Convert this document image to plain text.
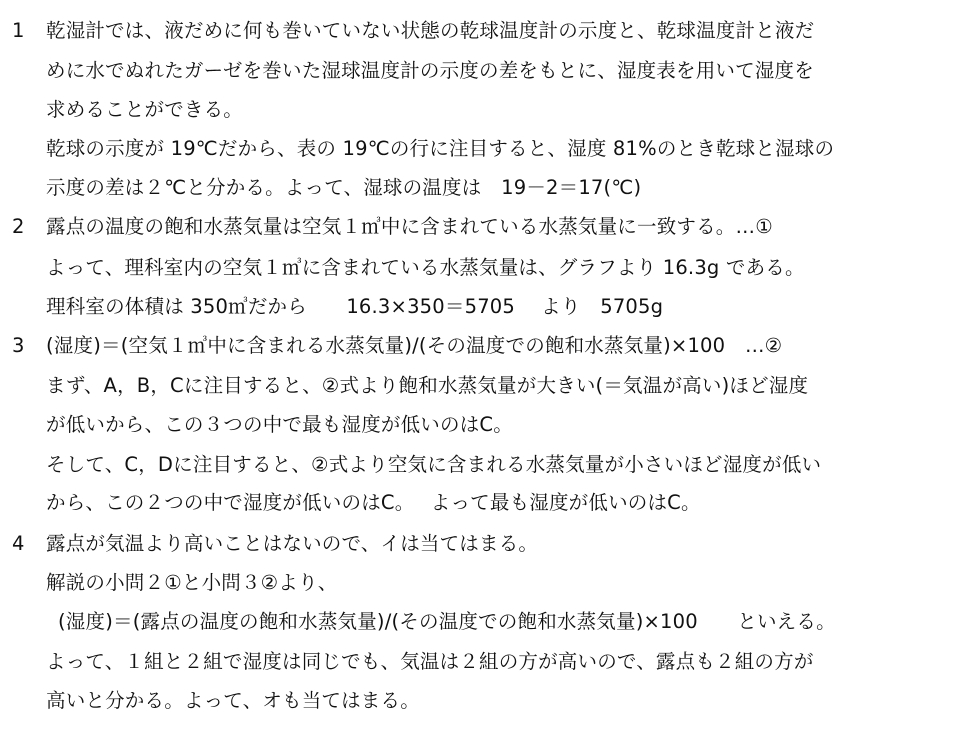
1 乾湿計では、液だめに何も巻いていない状態の乾球温度計の示度と、乾球温度計と液だ
めに水でぬれたガーゼを巻いた湿球温度計の示度の差をもとに、湿度表を用いて湿度を
求めることができる。
乾球の示度が 19℃だから、表の 19℃の行に注目すると、湿度 81%のとき乾球と湿球の
示度の差は２℃と分かる。よって、湿球の温度は　19－2＝17(℃)
2 露点の温度の飽和水蒸気量は空気１㎥中に含まれている水蒸気量に一致する。…①
よって、理科室内の空気１㎥に含まれている水蒸気量は、グラフより 16.3g である。
理科室の体積は 350㎥だから　　16.3×350＝5705　 より　5705g
3 (湿度)＝(空気１㎥中に含まれる水蒸気量)/(その温度での飽和水蒸気量)×100　…②
まず、A，B，Cに注目すると、②式より飽和水蒸気量が大きい(＝気温が高い)ほど湿度
が低いから、この３つの中で最も湿度が低いのはC。
そして、C，Dに注目すると、②式より空気に含まれる水蒸気量が小さいほど湿度が低い
から、この２つの中で湿度が低いのはC。　 よって最も湿度が低いのはC。
4 露点が気温より高いことはないので、イは当てはまる。
解説の小問２①と小問３②より、
(湿度)＝(露点の温度の飽和水蒸気量)/(その温度での飽和水蒸気量)×100　　といえる。
よって、１組と２組で湿度は同じでも、気温は２組の方が高いので、露点も２組の方が
高いと分かる。よって、オも当てはまる。
